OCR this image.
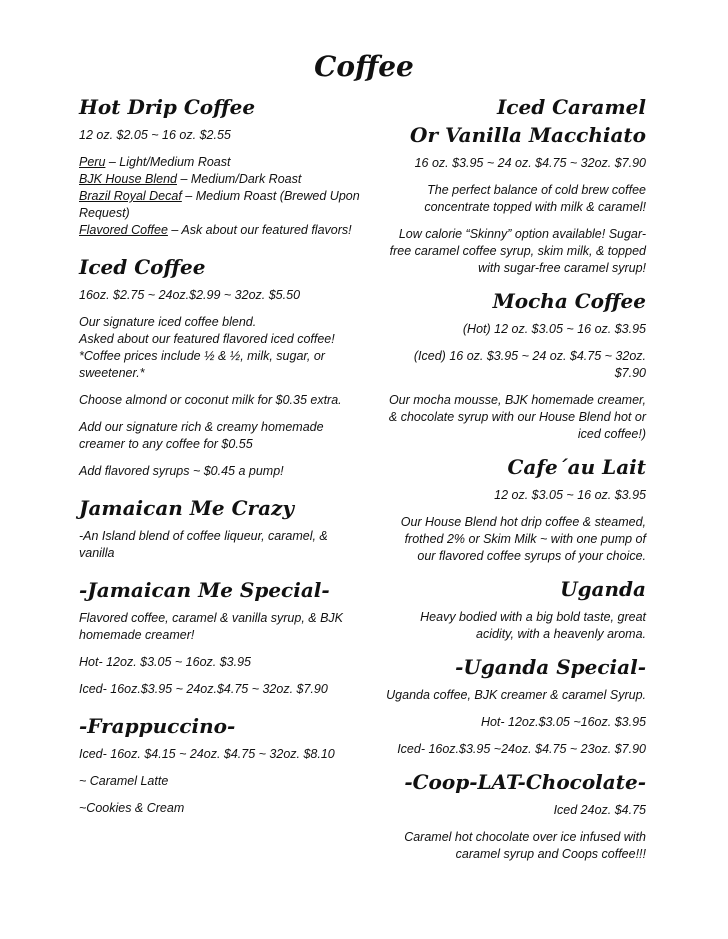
Coffee
Hot Drip Coffee
12 oz. $2.05 ~ 16 oz. $2.55
Peru – Light/Medium Roast
BJK House Blend – Medium/Dark Roast
Brazil Royal Decaf – Medium Roast (Brewed Upon Request)
Flavored Coffee – Ask about our featured flavors!
Iced Coffee
16oz. $2.75 ~ 24oz.$2.99 ~ 32oz. $5.50
Our signature iced coffee blend.
Asked about our featured flavored iced coffee!
*Coffee prices include ½ & ½, milk, sugar, or sweetener.*
Choose almond or coconut milk for $0.35 extra.
Add our signature rich & creamy homemade creamer to any coffee for $0.55
Add flavored syrups ~ $0.45 a pump!
Jamaican Me Crazy
-An Island blend of coffee liqueur, caramel, & vanilla
-Jamaican Me Special-
Flavored coffee, caramel & vanilla syrup, & BJK homemade creamer!
Hot- 12oz. $3.05 ~ 16oz. $3.95
Iced- 16oz.$3.95 ~ 24oz.$4.75 ~ 32oz. $7.90
-Frappuccino-
Iced- 16oz. $4.15 ~ 24oz. $4.75 ~ 32oz. $8.10
~ Caramel Latte
~Cookies & Cream
Iced Caramel
Or Vanilla Macchiato
16 oz. $3.95 ~ 24 oz. $4.75 ~ 32oz. $7.90
The perfect balance of cold brew coffee concentrate topped with milk & caramel!
Low calorie “Skinny” option available! Sugar-free caramel coffee syrup, skim milk, & topped with sugar-free caramel syrup!
Mocha Coffee
(Hot) 12 oz. $3.05 ~ 16 oz. $3.95
(Iced) 16 oz. $3.95 ~ 24 oz. $4.75 ~ 32oz. $7.90
Our mocha mousse, BJK homemade creamer, & chocolate syrup with our House Blend hot or iced coffee!)
Cafe´au Lait
12 oz. $3.05 ~ 16 oz. $3.95
Our House Blend hot drip coffee & steamed, frothed 2% or Skim Milk ~ with one pump of our flavored coffee syrups of your choice.
Uganda
Heavy bodied with a big bold taste, great acidity, with a heavenly aroma.
-Uganda Special-
Uganda coffee, BJK creamer & caramel Syrup.
Hot- 12oz.$3.05 ~16oz. $3.95
Iced- 16oz.$3.95 ~24oz. $4.75 ~ 23oz. $7.90
-Coop-LAT-Chocolate-
Iced 24oz. $4.75
Caramel hot chocolate over ice infused with caramel syrup and Coops coffee!!!
